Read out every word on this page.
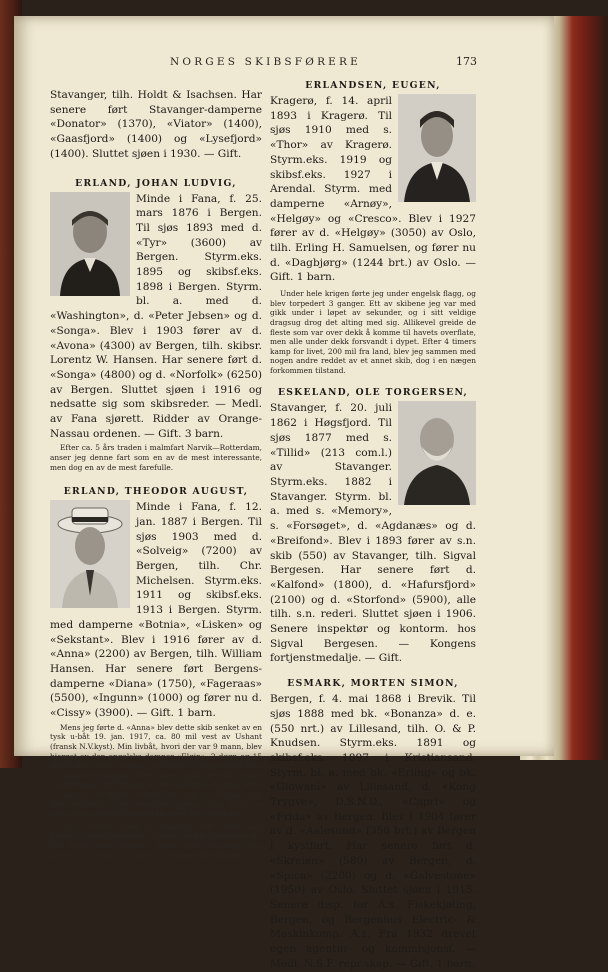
NORGES SKIBSFØRERE	173

Stavanger, tilh. Holdt & Isachsen. Har senere ført Stavanger-damperne «Donator» (1370), «Viator» (1400), «Gaasfjord» (1400) og «Lysefjord» (1400). Sluttet sjøen i 1930. — Gift.

ERLAND, JOHAN LUDVIG,

Minde i Fana, f. 25. mars 1876 i Bergen. Til sjøs 1893 med d. «Tyr» (3600) av Bergen. Styrm.eks. 1895 og skibsf.eks. 1898 i Bergen. Styrm. bl. a. med d. «Washington», d. «Peter Jebsen» og d. «Songa». Blev i 1903 fører av d. «Avona» (4300) av Bergen, tilh. skibsr. Lorentz W. Hansen. Har senere ført d. «Songa» (4800) og d. «Norfolk» (6250) av Bergen. Sluttet sjøen i 1916 og nedsatte sig som skibsreder. — Medl. av Fana sjørett. Ridder av Orange-Nassau ordenen. — Gift. 3 barn.

Efter ca. 5 års traden i malmfart Narvik—Rotterdam, anser jeg denne fart som en av de mest interessante, men dog en av de mest farefulle.

ERLAND, THEODOR AUGUST,

Minde i Fana, f. 12. jan. 1887 i Bergen. Til sjøs 1903 med d. «Solveig» (7200) av Bergen, tilh. Chr. Michelsen. Styrm.eks. 1911 og skibsf.eks. 1913 i Bergen. Styrm. med damperne «Botnia», «Lisken» og «Sekstant». Blev i 1916 fører av d. «Anna» (2200) av Bergen, tilh. William Hansen. Har senere ført Bergens-damperne «Diana» (1750), «Fageraas» (5500), «Ingunn» (1000) og fører nu d. «Cissy» (3900). — Gift. 1 barn.

Mens jeg førte d. «Anna» blev dette skib senket av en tysk u-båt 19. jan. 1917, ca. 80 mil vest av Ushant (fransk N.V.kyst). Min livbåt, hvori der var 9 mann, blev bjerget av den engelske damper «Elgin», 2 døgn og 15 timer efter at d. «Anna» var sunket. 7 dager efter blev vi landsatt i Gibraltar. Den annen livbåt med det øvrige mannskapet blev bjerget av en hollandsk damper efter 2 døgn og 14 timer. Senere førte jeg d. «Diana» som blev rekvirert av den engelske regjering aug. 1917, og som under engelsk flagg straks efter blev torpedert.

1928. Forliste med d. «Ingunn» idet dette skib kantret i Nordsjøen efter at lasten hadde forskjøvet sig. Ved dette forlis omkom 2 mann, mens vi øvrige blev optatt av d. «Star» av Oslo ca. 3 timer efter forliset.

ERLANDSEN, EUGEN,

Kragerø, f. 14. april 1893 i Kragerø. Til sjøs 1910 med s. «Thor» av Kragerø. Styrm.eks. 1919 og skibsf.eks. 1927 i Arendal. Styrm. med damperne «Arnøy», «Helgøy» og «Cresco». Blev i 1927 fører av d. «Helgøy» (3050) av Oslo, tilh. Erling H. Samuelsen, og fører nu d. «Dagbjørg» (1244 brt.) av Oslo. — Gift. 1 barn.

Under hele krigen førte jeg under engelsk flagg, og blev torpedert 3 ganger. Ett av skibene jeg var med gikk under i løpet av sekunder, og i sitt veldige dragsug drog det alting med sig. Allikevel greide de fleste som var over dekk å komme til havets overflate, men alle under dekk forsvandt i dypet. Efter 4 timers kamp for livet, 200 mil fra land, blev jeg sammen med nogen andre reddet av et annet skib, dog i en nægen forkommen tilstand.

ESKELAND, OLE TORGERSEN,

Stavanger, f. 20. juli 1862 i Høgsfjord. Til sjøs 1877 med s. «Tillid» (213 com.l.) av Stavanger. Styrm.eks. 1882 i Stavanger. Styrm. bl. a. med s. «Memory», s. «Forsøget», d. «Agdanæs» og d. «Breifond». Blev i 1893 fører av s.n. skib (550) av Stavanger, tilh. Sigval Bergesen. Har senere ført d. «Kalfond» (1800), d. «Hafursfjord» (2100) og d. «Storfond» (5900), alle tilh. s.n. rederi. Sluttet sjøen i 1906. Senere inspektør og kontorm. hos Sigval Bergesen. — Kongens fortjenstmedalje. — Gift.

ESMARK, MORTEN SIMON,

Bergen, f. 4. mai 1868 i Brevik. Til sjøs 1888 med bk. «Bonanza» d. e. (550 nrt.) av Lillesand, tilh. O. & P. Knudsen. Styrm.eks. 1891 og skibsf.eks. 1897 i Kristiansand. Styrm. bl. a. med bk. «Erling» og bk. «Giowani» av Lillesand, d. «Kong Trygve», D.S.N.D., «Capri» og «Frida» av Bergen. Blev i 1904 fører av d. «Aalesund» (350 brt.) av Bergen i kystfart. Har senere ført d. «Skreien» (580) av Bergen, d. «Spica» (2200) og d. «Galvestone» (1950) av Oslo. Sluttet sjøen i 1915. Senere disp. for A.s. Fiskekjøling, Bergen, og Bergenhus Electric- & Maskinkomp. A.s. Fra 1932 drevet egen agentur- og kommisjonsf. — Medl. N.S.F. repr.skap. — Gift. 1 barn.
